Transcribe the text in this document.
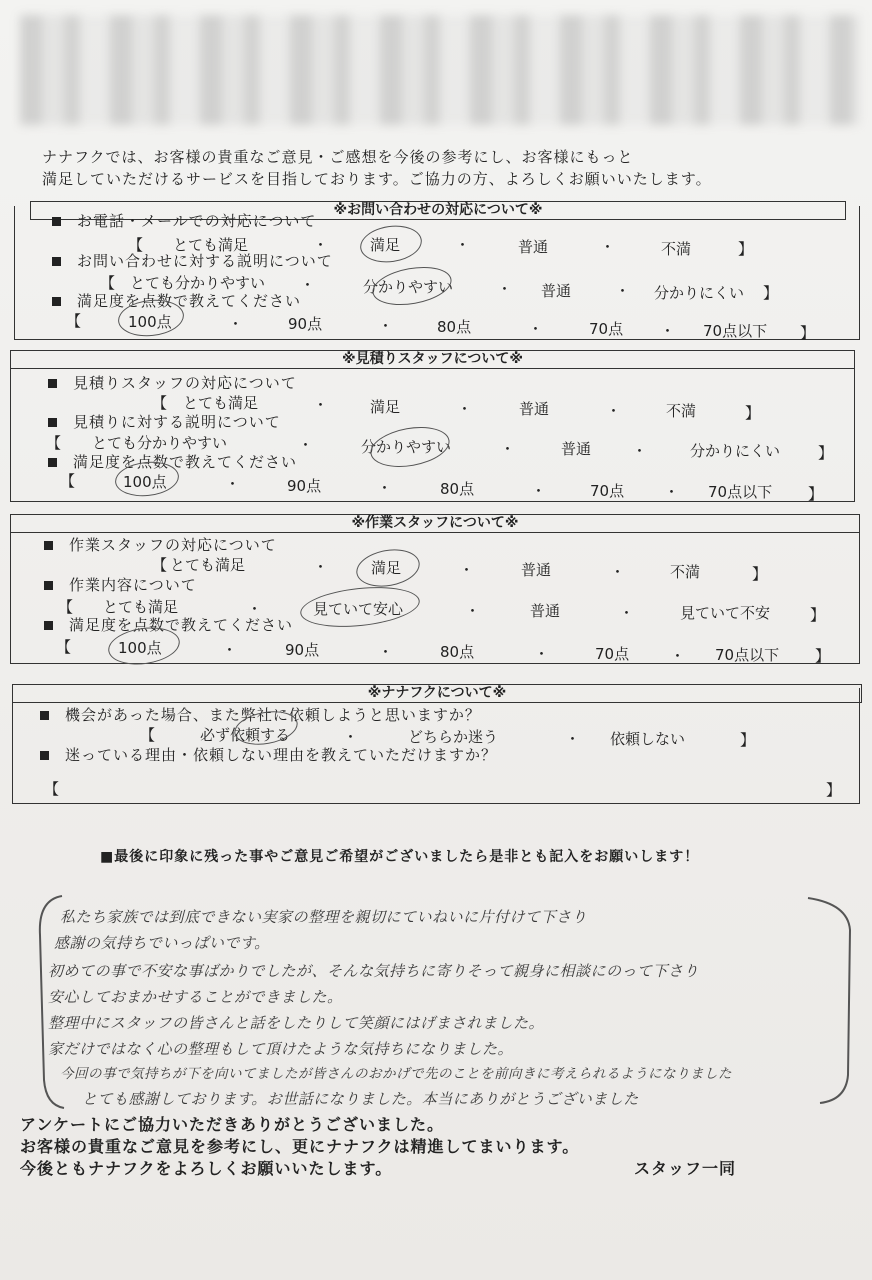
ナナフクでは、お客様の貴重なご意見・ご感想を今後の参考にし、お客様にもっと
満足していただけるサービスを目指しております。ご協力の方、よろしくお願いいたします。
※お問い合わせの対応について※
お電話・メールでの対応について
【 とても満足	・	満足	・	普通	・	不満	】
お問い合わせに対する説明について
【 とても分かりやすい ・	分かりやすい	・ 普通	・ 分かりにくい 】
満足度を点数で教えてください
【	100点	・	90点	・	80点	・	70点 ・ 70点以下 】
※見積りスタッフについて※
見積りスタッフの対応について
【 とても満足	・	満足	・	普通	・	不満	】
見積りに対する説明について
【 とても分かりやすい	・	分かりやすい	・	普通	・	分かりにくい	】
満足度を点数で教えてください
【	100点	・	90点	・	80点	・	70点	・ 70点以下 】
※作業スタッフについて※
作業スタッフの対応について
【 とても満足	・	満足	・	普通	・	不満	】
作業内容について
【 とても満足	・	見ていて安心	・	普通	・	見ていて不安	】
満足度を点数で教えてください
【	100点	・	90点	・	80点	・	70点	・ 70点以下 】
※ナナフクについて※
機会があった場合、また弊社に依頼しようと思いますか？
【	必ず依頼する	・	どちらか迷う	・ 依頼しない	】
迷っている理由・依頼しない理由を教えていただけますか？
【	】
■最後に印象に残った事やご意見ご希望がございましたら是非とも記入をお願いします！
私たち家族では到底できない実家の整理を親切にていねいに片付けて下さり
感謝の気持ちでいっぱいです。
初めての事で不安な事ばかりでしたが、そんな気持ちに寄りそって親身に相談にのって下さり
安心しておまかせすることができました。
整理中にスタッフの皆さんと話をしたりして笑顔にはげまされました。
家だけではなく心の整理もして頂けたような気持ちになりました。
今回の事で気持ちが下を向いてましたが皆さんのおかげで先のことを前向きに考えられるようになりました
とても感謝しております。お世話になりました。本当にありがとうございました
アンケートにご協力いただきありがとうございました。
お客様の貴重なご意見を参考にし、更にナナフクは精進してまいります。
今後ともナナフクをよろしくお願いいたします。	スタッフ一同
